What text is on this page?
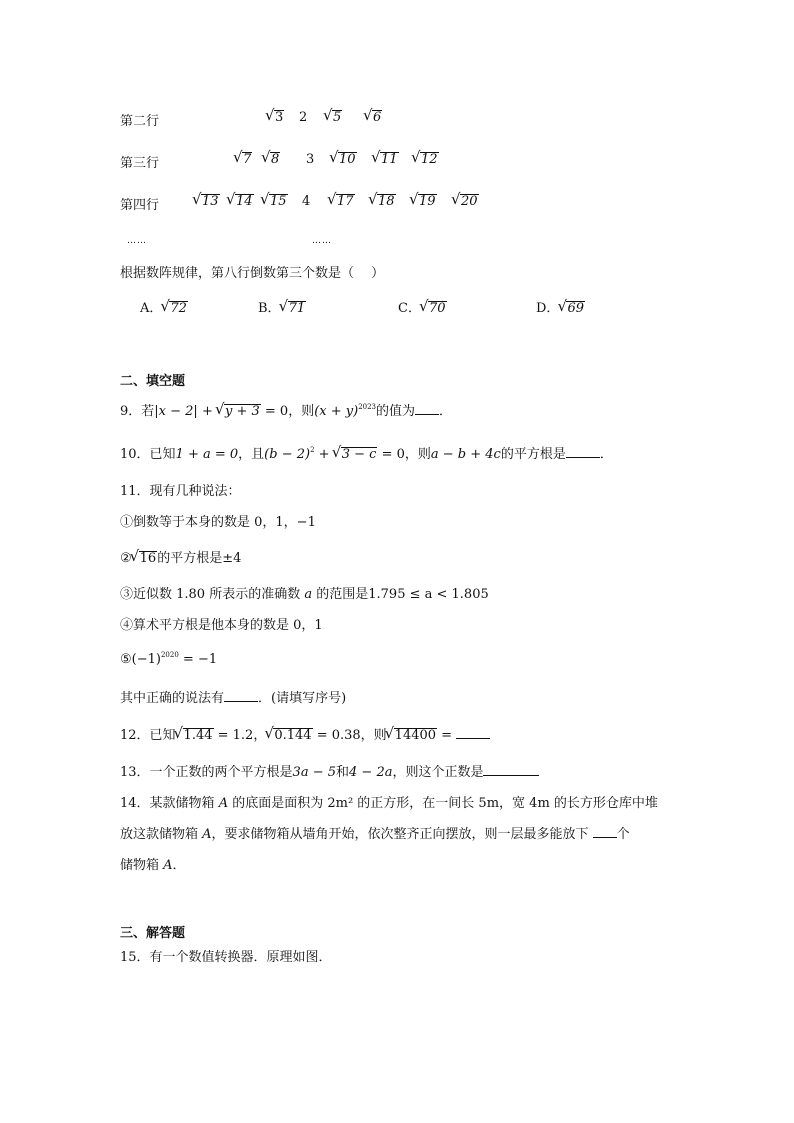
第二行	√ 3 2	√ 5	√ 6
第三行	√ 7	√ 8 3	√ 10	√ 11	√ 12
第四行	√ 13	√ 14	√ 15 4	√ 17	√ 18	√ 19	√ 20
……	……
根据数阵规律，第八行倒数第三个数是（　 ）
A． √ 72	B． √ 71	C． √ 70	D． √ 69
二、填空题
9．若|x − 2| + √ y + 3 = 0，则$(x + y)^{2023}$的值为 ．
10．已知1 + a = 0，且$(b - 2)^2$ + √ 3 − c = 0，则a − b + 4c的平方根是	．
11．现有几种说法：
①倒数等于本身的数是 0，1，−1
② √ 16的平方根是±4
③近似数 1.80 所表示的准确数 a 的范围是1.795 ≤ a < 1.805
④算术平方根是他本身的数是 0，1
$⑤(-1)^{2020} = -1$
其中正确的说法有	．(请填写序号)
12．已知 √ 1.44 = 1.2， √ 0.144 = 0.38，则 √ 14400 =
13．一个正数的两个平方根是3a − 5和4 − 2a，则这个正数是
14．某款储物箱 A 的底面是面积为 2m² 的正方形，在一间长 5m，宽 4m 的长方形仓库中堆
放这款储物箱 A，要求储物箱从墙角开始，依次整齐正向摆放，则一层最多能放下 个
储物箱 A．
三、解答题
15．有一个数值转换器．原理如图．
